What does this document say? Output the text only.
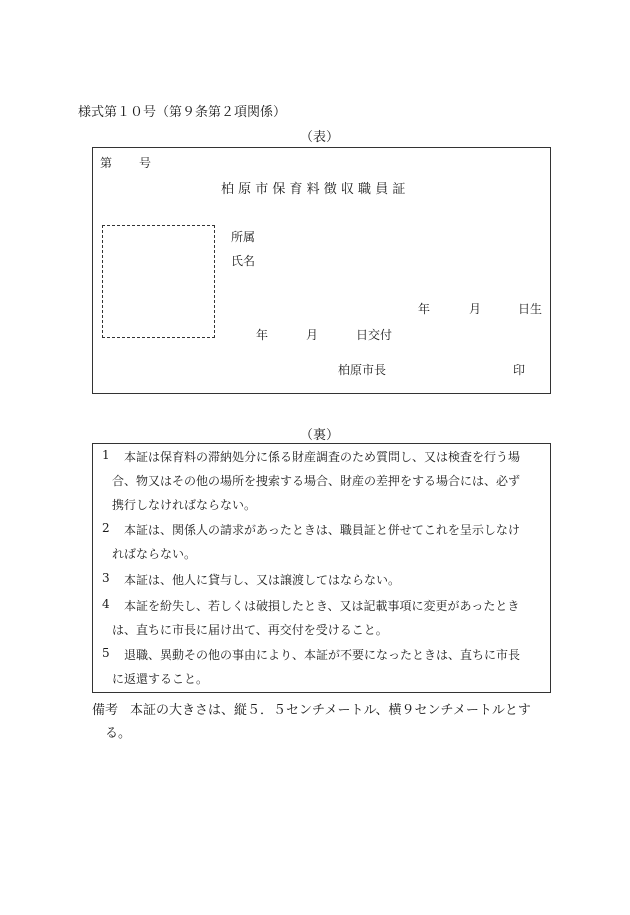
様式第１０号（第９条第２項関係）
（表）
第 号
柏 原 市 保 育 料 徴 収 職 員 証
所属
氏名
年	月	日生
年	月	日交付
柏原市長	印
（裏）
1 本証は保育料の滞納処分に係る財産調査のため質問し、又は検査を行う場
合、物又はその他の場所を捜索する場合、財産の差押をする場合には、必ず
携行しなければならない。
2 本証は、関係人の請求があったときは、職員証と併せてこれを呈示しなけ
ればならない。
3 本証は、他人に貸与し、又は譲渡してはならない。
4 本証を紛失し、若しくは破損したとき、又は記載事項に変更があったとき
は、直ちに市長に届け出て、再交付を受けること。
5 退職、異動その他の事由により、本証が不要になったときは、直ちに市長
に返還すること。
備考 本証の大きさは、縦５．５センチメートル、横９センチメートルとす
る。
